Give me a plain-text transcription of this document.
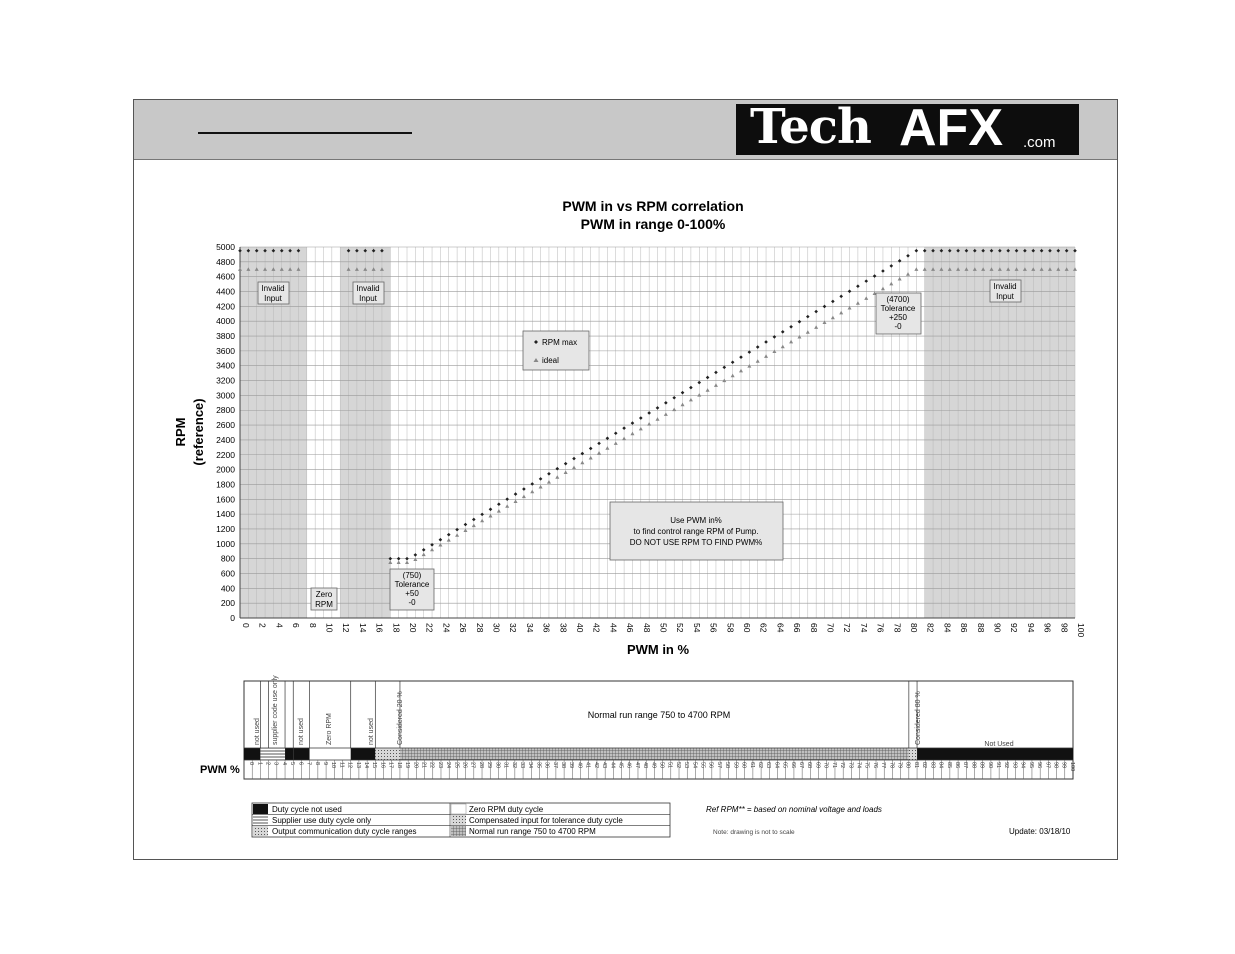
Tech AFX .com
PWM in vs RPM correlation
PWM in range 0-100%
0
200
400
600
800
1000
1200
1400
1600
1800
2000
2200
2400
2600
2800
3000
3200
3400
3600
3800
4000
4200
4400
4600
4800
5000
0 2 4 6 8 10 12 14 16 18 20 22 24 26 28 30 32 34 36 38 40 42 44 46 48 50 52 54 56 58 60 62 64 66 68 70 72 74 76 78 80 82 84 86 88 90 92 94 96 98 100
RPM (reference)
PWM in %
Invalid
Input
Invalid
Input
Invalid
Input
Zero
RPM
(750)
Tolerance
+50
-0
(4700)
Tolerance
+250
-0
Use PWM in%
to find control range RPM of Pump.
DO NOT USE RPM TO FIND PWM%
RPM max
ideal
0 1 2 3 4 5 6 7 8 9 10 11 12 13 14 15 16 17 18 19 20 21 22 23 24 25 26 27 28 29 30 31 32 33 34 35 36 37 38 39 40 41 42 43 44 45 46 47 48 49 50 51 52 53 54 55 56 57 58 59 60 61 62 63 64 65 66 67 68 69 70 71 72 73 74 75 76 77 78 79 80 81 82 83 84 85 86 87 88 89 90 91 92 93 94 95 96 97 98 99 100
PWM %
Normal run range 750 to 4700 RPM
Not Used
not used supplier code use only	not used	Zero RPM	not used	Considered 20 %	Considered 80 %
Duty cycle not used	Zero RPM duty cycle
Supplier use duty cycle only	Compensated input for tolerance duty cycle
Output communication duty cycle ranges	Normal run range 750 to 4700 RPM
Ref RPM** = based on nominal voltage and loads
Note: drawing is not to scale	Update: 03/18/10
